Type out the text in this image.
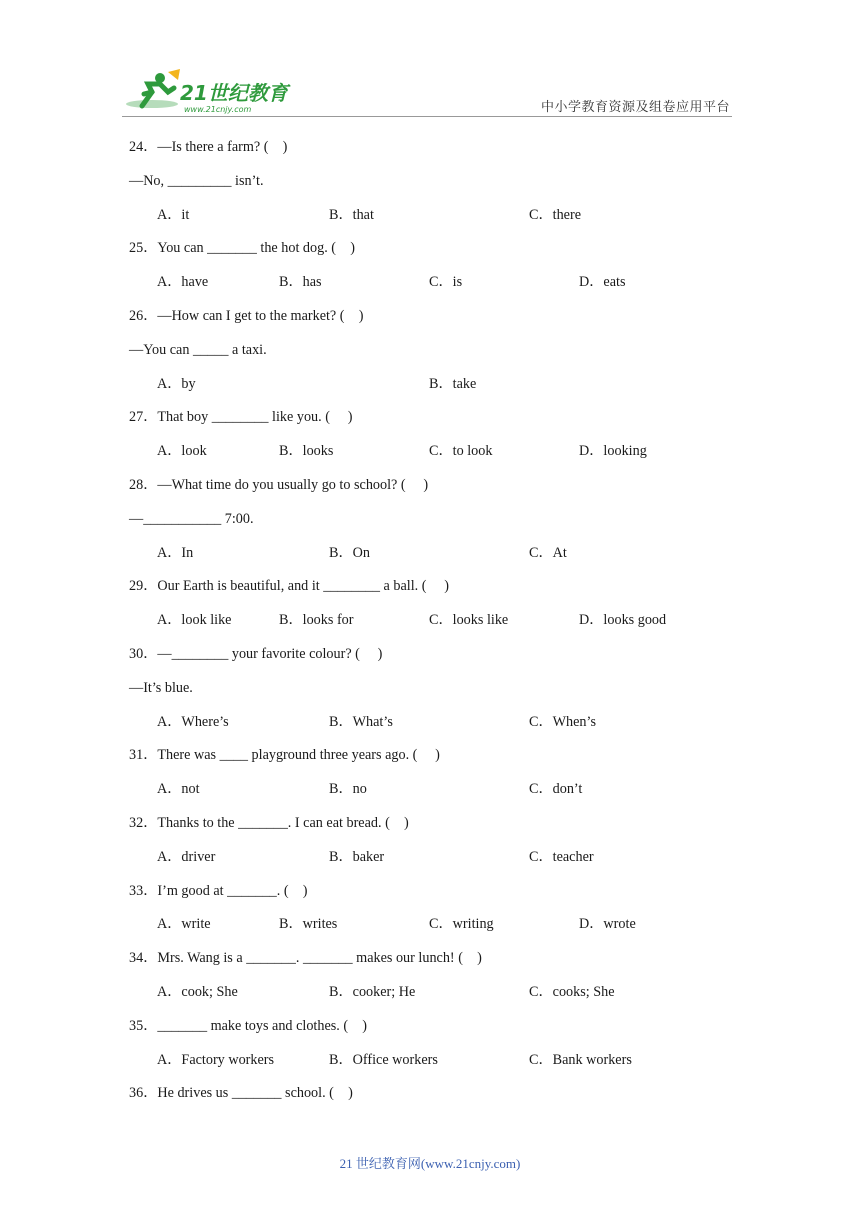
21世纪教育
www.21cnjy.com	中小学教育资源及组卷应用平台
24．—Is there a farm? (    )
—No, _________ isn’t.
A．it	B．that	C．there
25．You can _______ the hot dog. (    )
A．have	B．has	C．is	D．eats
26．—How can I get to the market? (    )
—You can _____ a taxi.
A．by	B．take
27．That boy ________ like you. (     )
A．look	B．looks	C．to look	D．looking
28．—What time do you usually go to school? (     )
—___________ 7:00.
A．In	B．On	C．At
29．Our Earth is beautiful, and it ________ a ball. (     )
A．look like	B．looks for	C．looks like	D．looks good
30．—________ your favorite colour? (     )
—It’s blue.
A．Where’s	B．What’s	C．When’s
31．There was ____ playground three years ago. (     )
A．not	B．no	C．don’t
32．Thanks to the _______. I can eat bread. (    )
A．driver	B．baker	C．teacher
33．I’m good at _______. (    )
A．write	B．writes	C．writing	D．wrote
34．Mrs. Wang is a _______. _______ makes our lunch! (    )
A．cook; She	B．cooker; He	C．cooks; She
35．_______ make toys and clothes. (    )
A．Factory workers	B．Office workers	C．Bank workers
36．He drives us _______ school. (    )
21 世纪教育网(www.21cnjy.com)
